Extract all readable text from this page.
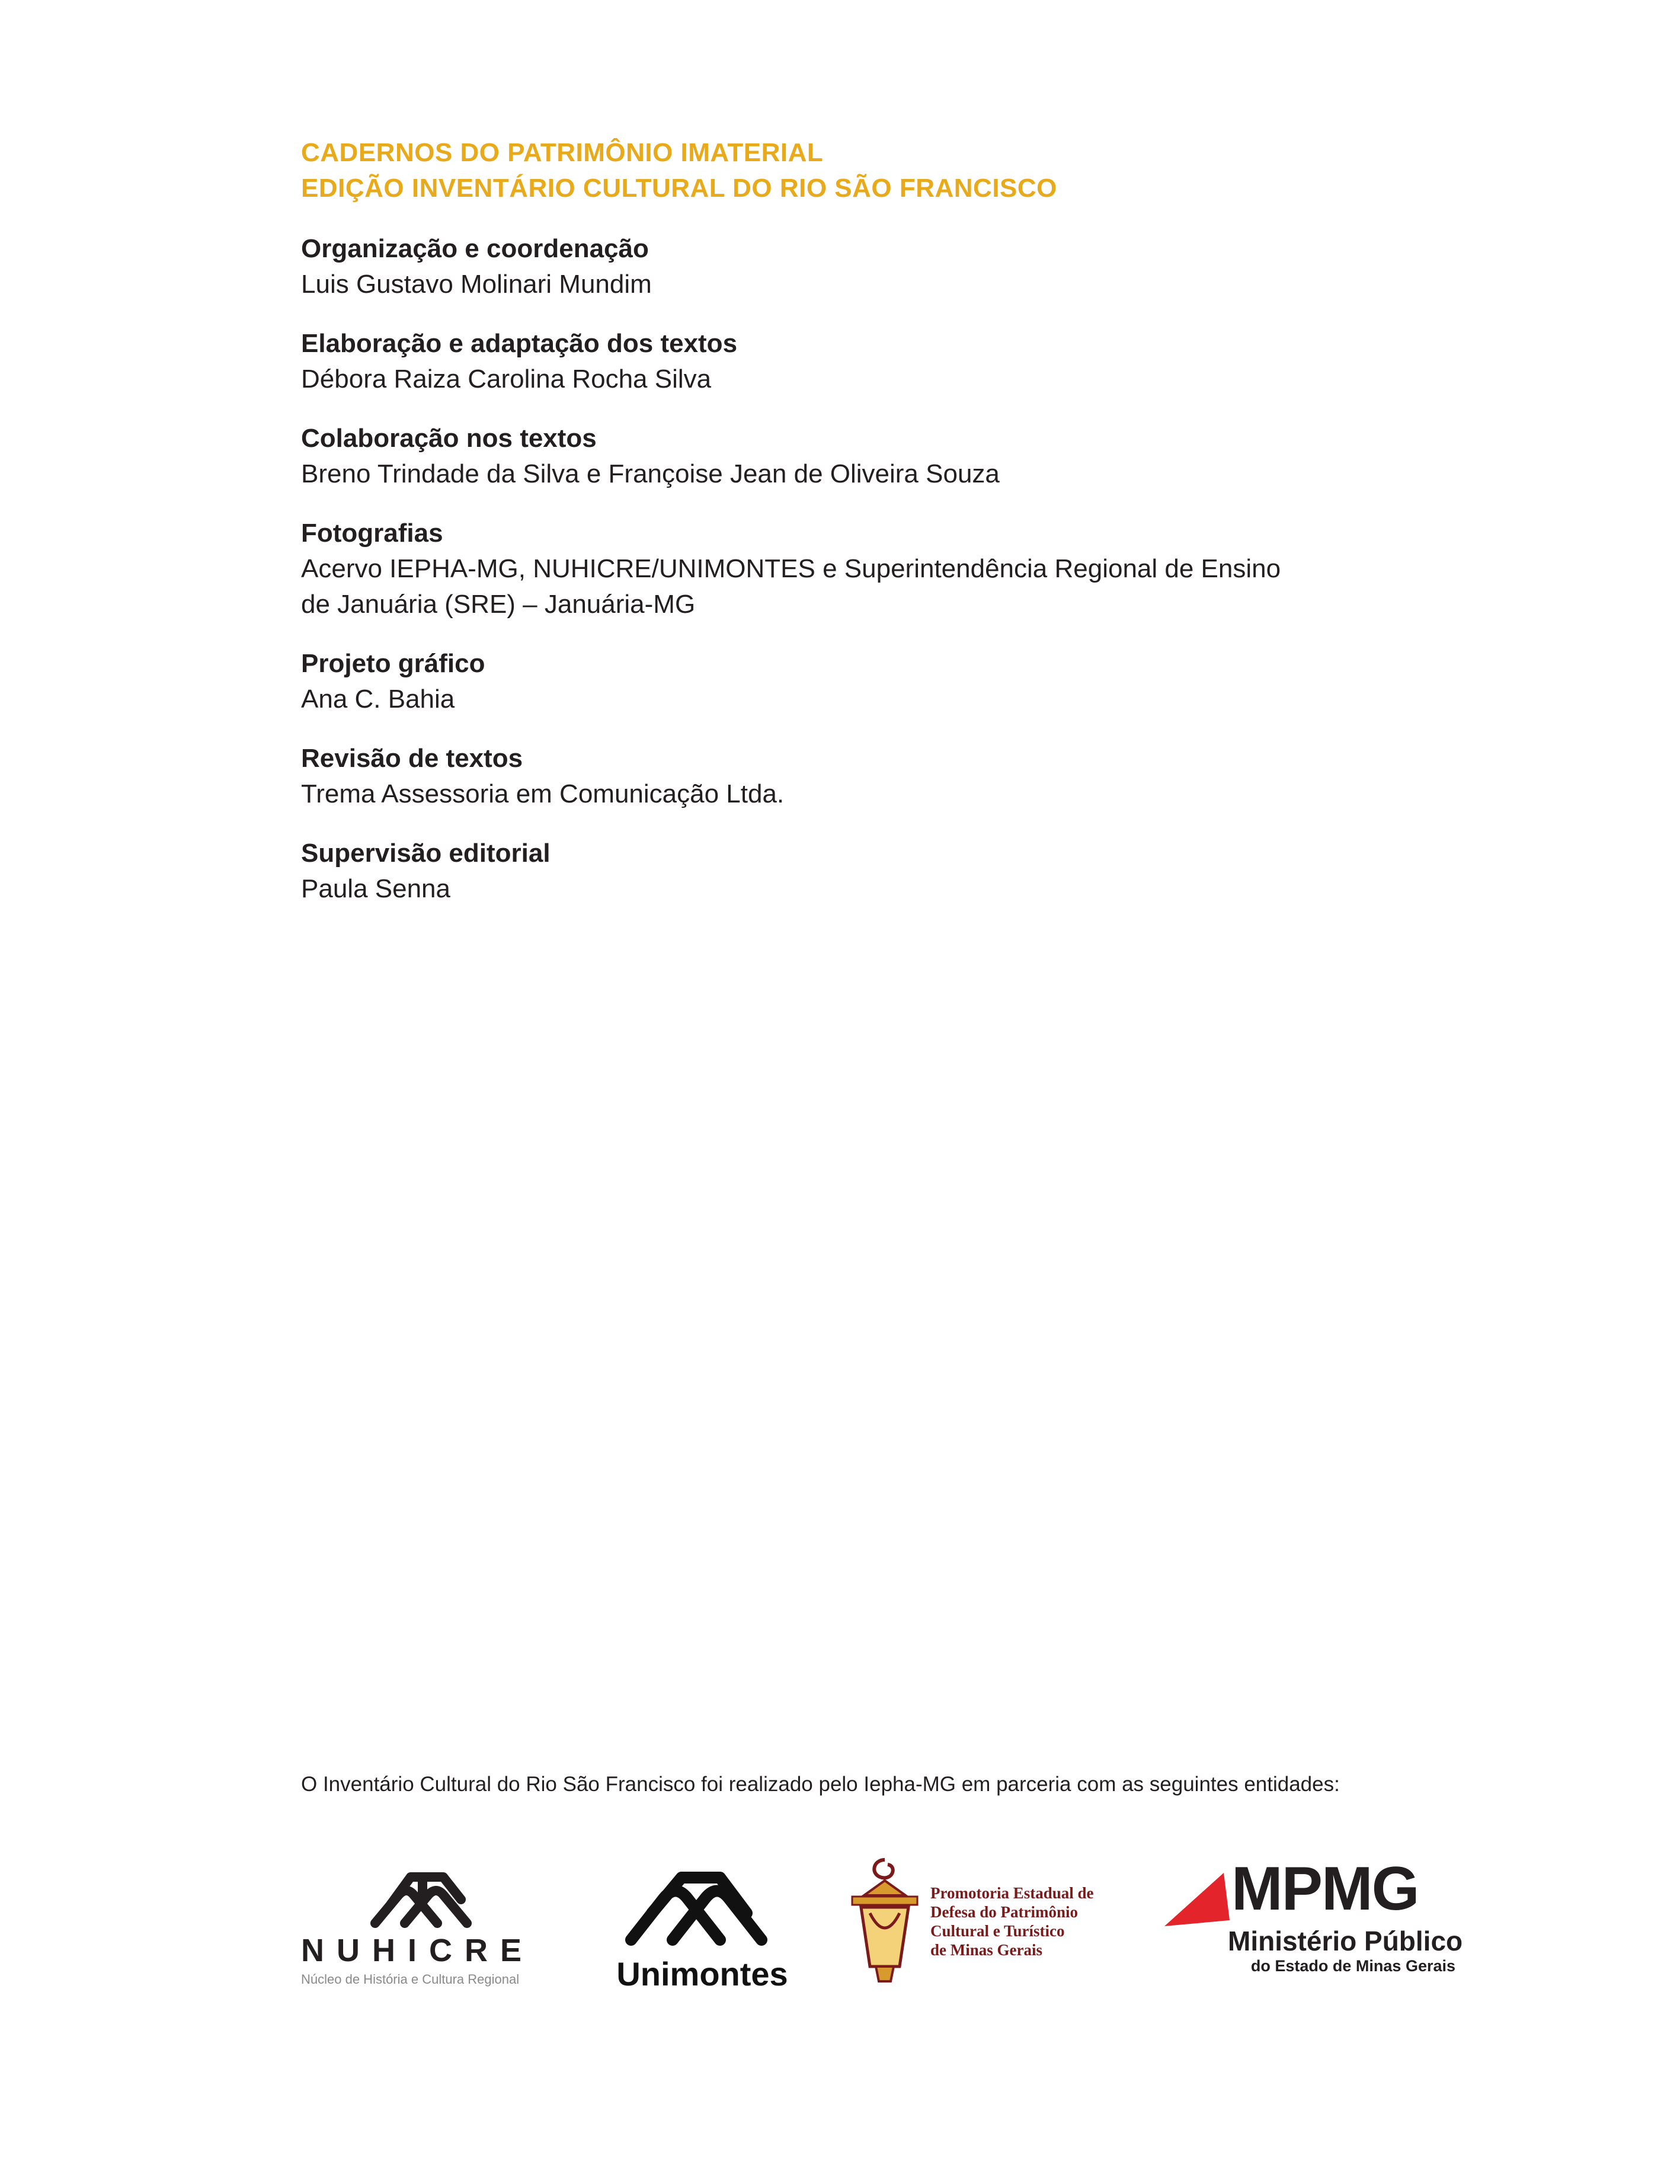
CADERNOS DO PATRIMÔNIO IMATERIAL
EDIÇÃO INVENTÁRIO CULTURAL DO RIO SÃO FRANCISCO
Organização e coordenação
Luis Gustavo Molinari Mundim
Elaboração e adaptação dos textos
Débora Raiza Carolina Rocha Silva
Colaboração nos textos
Breno Trindade da Silva e Françoise Jean de Oliveira Souza
Fotografias
Acervo IEPHA-MG, NUHICRE/UNIMONTES e Superintendência Regional de Ensino
de Januária (SRE) – Januária-MG
Projeto gráfico
Ana C. Bahia
Revisão de textos
Trema Assessoria em Comunicação Ltda.
Supervisão editorial
Paula Senna
O Inventário Cultural do Rio São Francisco foi realizado pelo Iepha-MG em parceria com as seguintes entidades:
NUHICRE
Núcleo de História e Cultura Regional	Unimontes
Promotoria Estadual de
Defesa do Patrimônio
Cultural e Turístico
de Minas Gerais
MPMG
Ministério Público
do Estado de Minas Gerais
